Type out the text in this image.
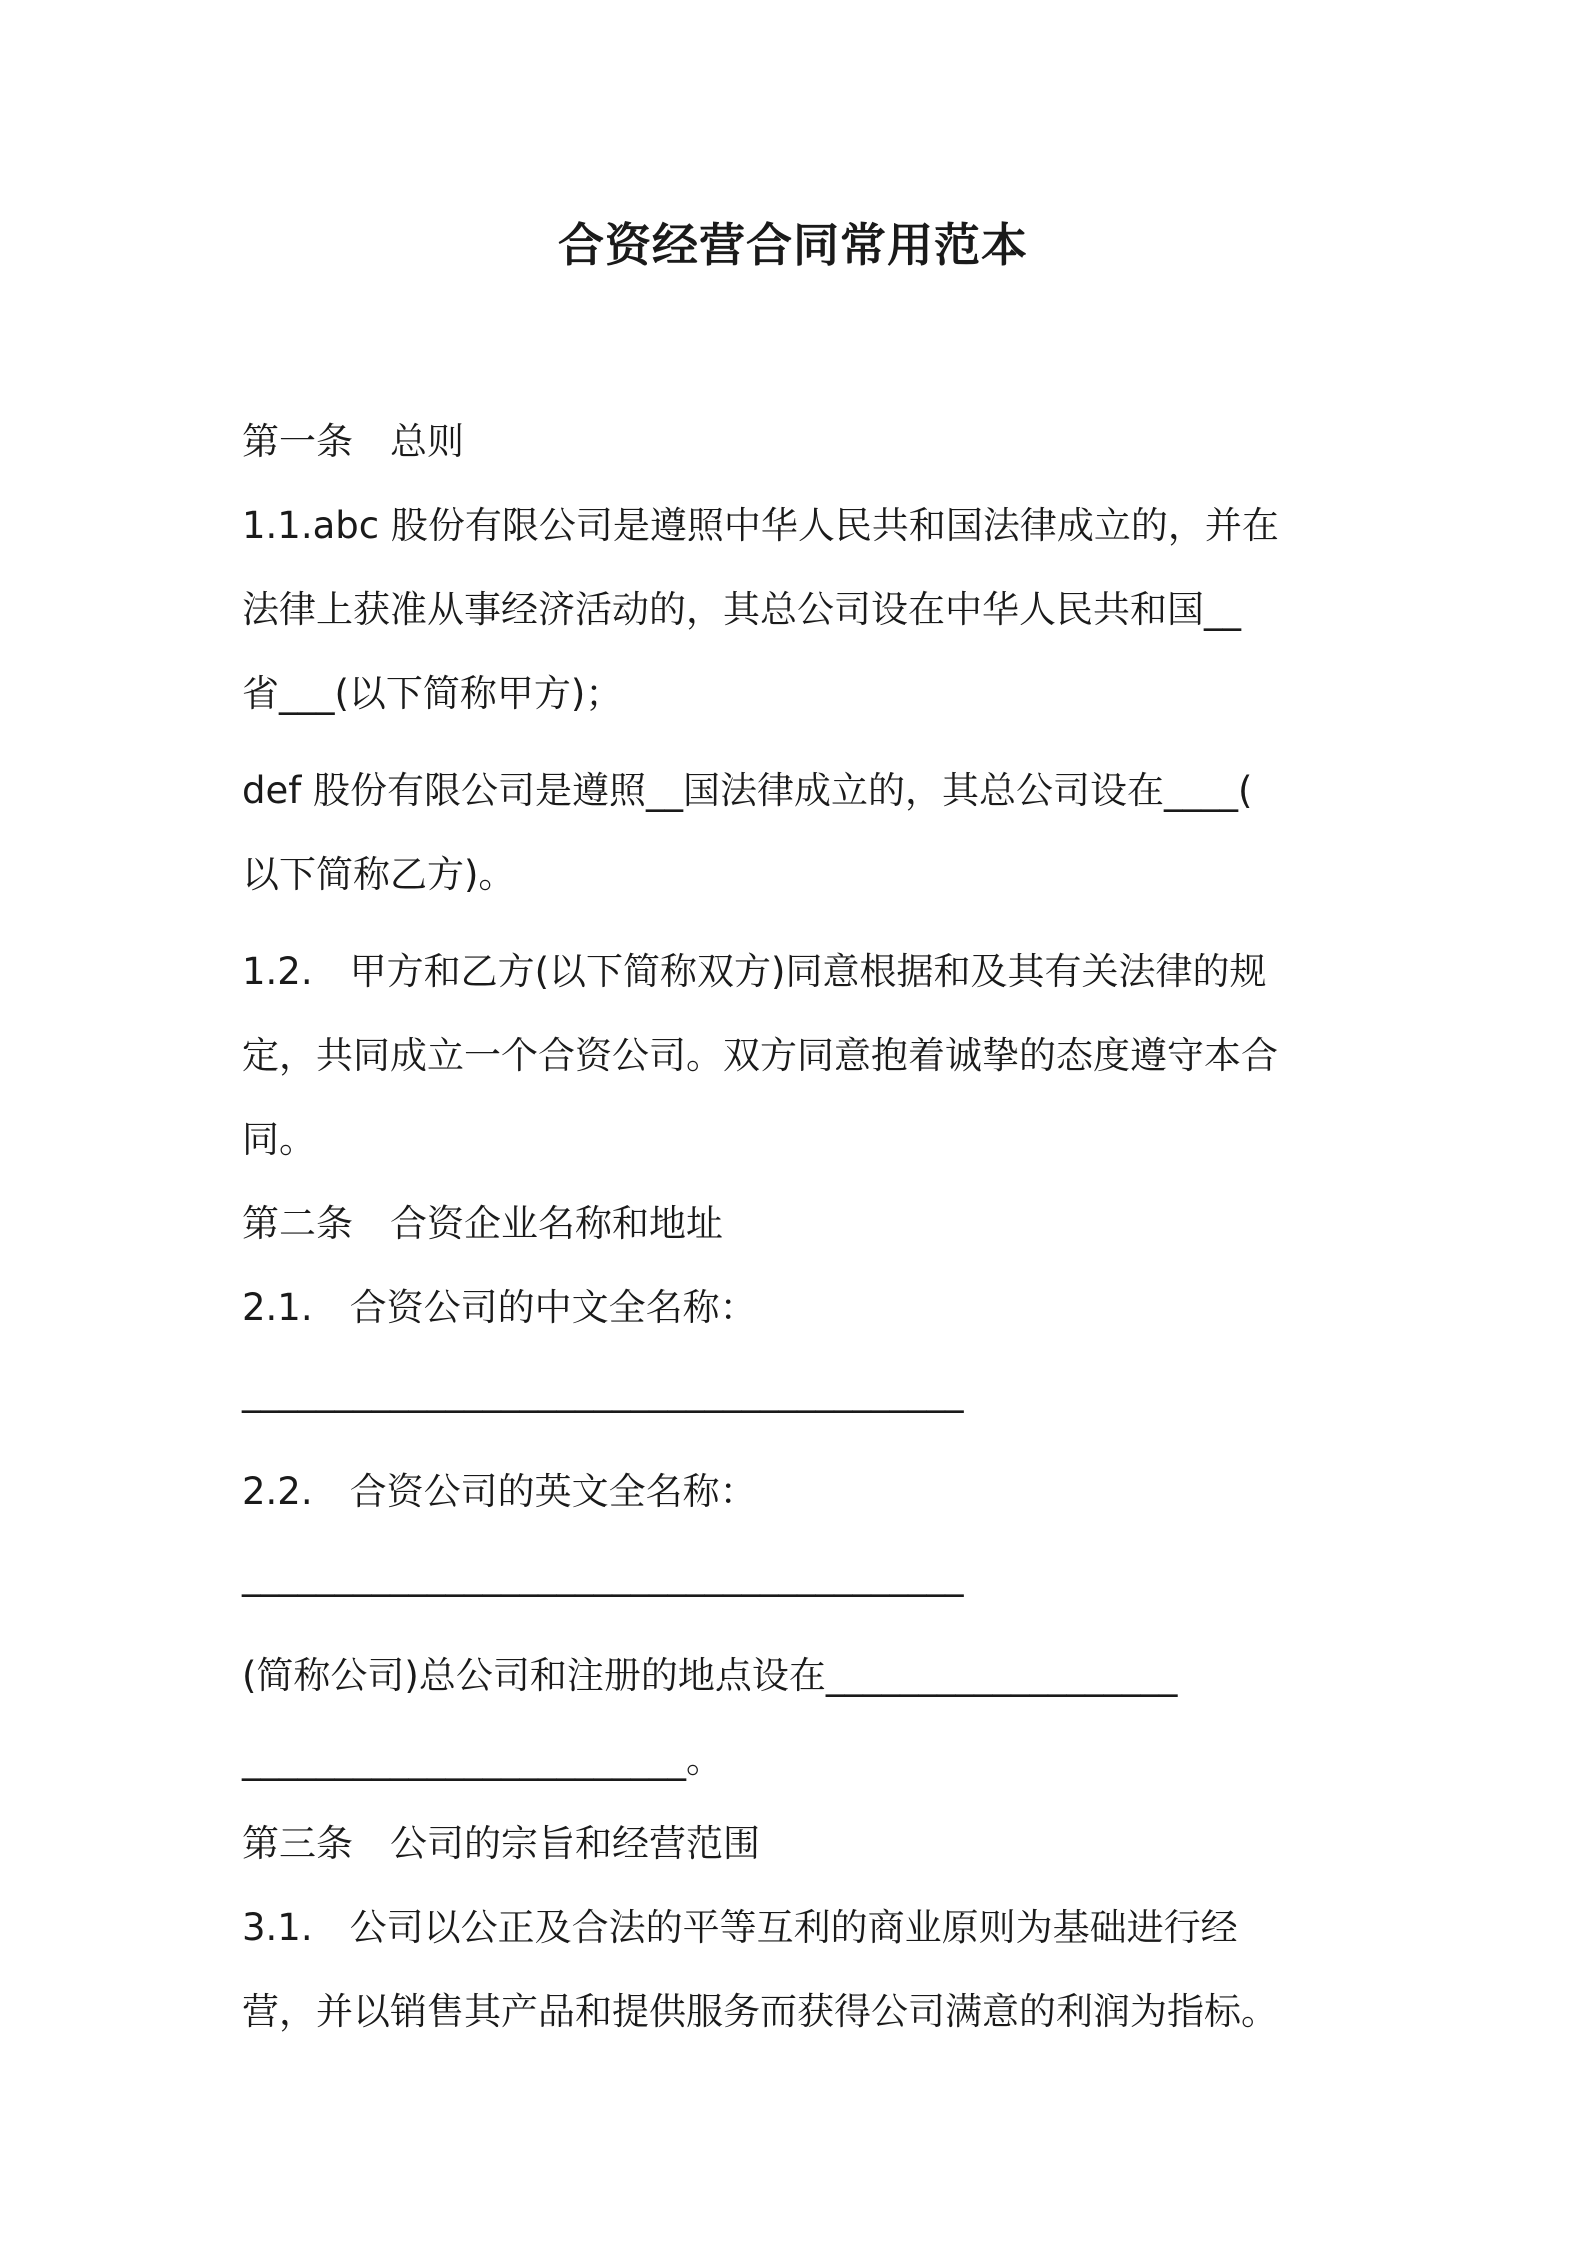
合资经营合同常用范本
第一条　总则
1.1.abc 股份有限公司是遵照中华人民共和国法律成立的，并在
法律上获准从事经济活动的，其总公司设在中华人民共和国__
省___(以下简称甲方)；
def 股份有限公司是遵照__国法律成立的，其总公司设在____(
以下简称乙方)。
1.2.　甲方和乙方(以下简称双方)同意根据和及其有关法律的规
定，共同成立一个合资公司。双方同意抱着诚挚的态度遵守本合
同。
第二条　合资企业名称和地址
2.1.　合资公司的中文全名称：
_______________________________________
2.2.　合资公司的英文全名称：
_______________________________________
(简称公司)总公司和注册的地点设在___________________
________________________。
第三条　公司的宗旨和经营范围
3.1.　公司以公正及合法的平等互利的商业原则为基础进行经
营，并以销售其产品和提供服务而获得公司满意的利润为指标。
